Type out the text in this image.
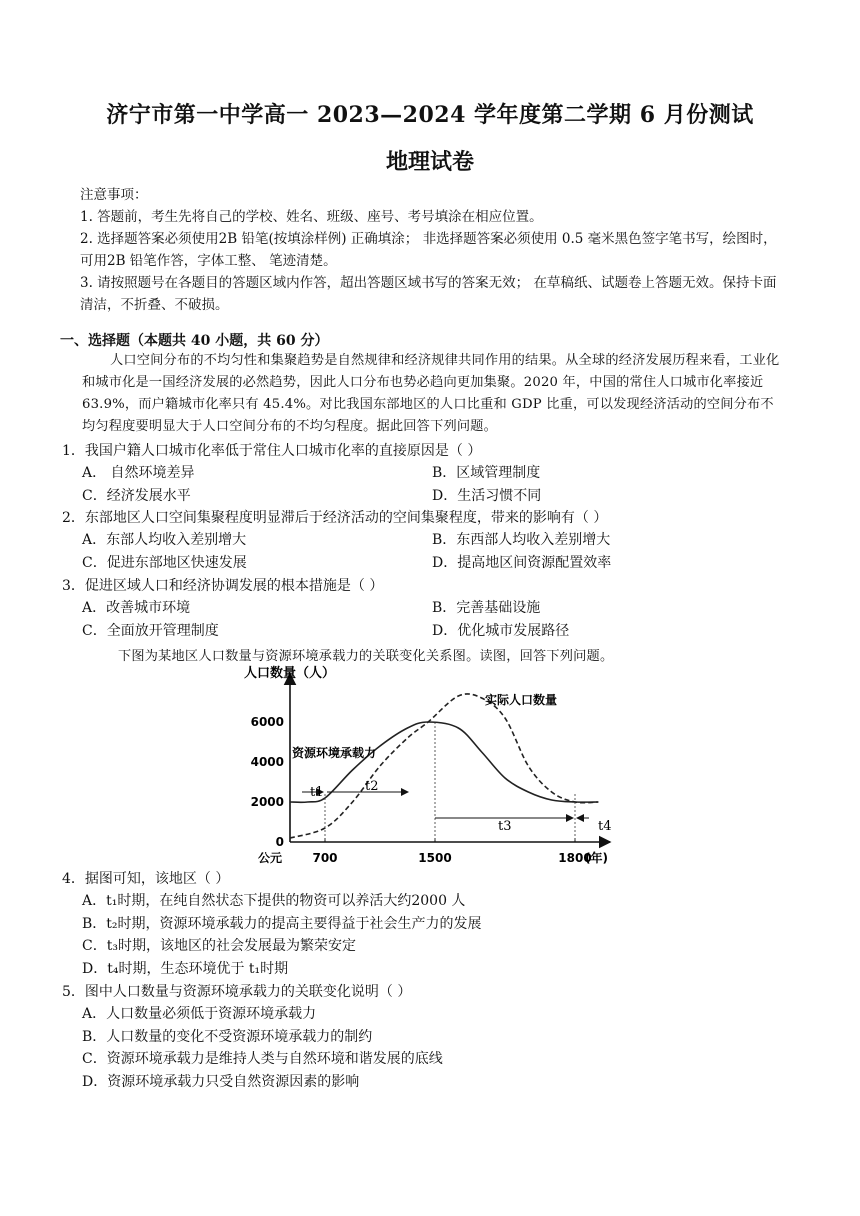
济宁市第一中学高一 2023—2024 学年度第二学期 6 月份测试
地理试卷

注意事项：

1. 答题前，考生先将自己的学校、姓名、班级、座号、考号填涂在相应位置。

2. 选择题答案必须使用2B 铅笔(按填涂样例) 正确填涂； 非选择题答案必须使用 0.5 毫米黑色签字笔书写，绘图时，可用2B 铅笔作答，字体工整、 笔迹清楚。

3. 请按照题号在各题目的答题区域内作答，超出答题区域书写的答案无效； 在草稿纸、试题卷上答题无效。保持卡面清洁，不折叠、不破损。

一、选择题（本题共 40 小题，共 60 分）
人口空间分布的不均匀性和集聚趋势是自然规律和经济规律共同作用的结果。从全球的经济发展历程来看，工业化和城市化是一国经济发展的必然趋势，因此人口分布也势必趋向更加集聚。2020 年，中国的常住人口城市化率接近 63.9%，而户籍城市化率只有 45.4%。对比我国东部地区的人口比重和 GDP 比重，可以发现经济活动的空间分布不均匀程度要明显大于人口空间分布的不均匀程度。据此回答下列问题。
1．我国户籍人口城市化率低于常住人口城市化率的直接原因是（ ）
A． 自然环境差异	B．区域管理制度
C．经济发展水平	D．生活习惯不同
2．东部地区人口空间集聚程度明显滞后于经济活动的空间集聚程度，带来的影响有（ ）
A．东部人均收入差别增大	B．东西部人均收入差别增大
C．促进东部地区快速发展	D．提高地区间资源配置效率
3．促进区域人口和经济协调发展的根本措施是（ ）
A．改善城市环境	B．完善基础设施
C．全面放开管理制度	D．优化城市发展路径
下图为某地区人口数量与资源环境承载力的关联变化关系图。读图，回答下列问题。
人口数量（人）
(年)
公元
0
2000
4000
6000
700	1500	1800
资源环境承载力
实际人口数量
t1	t2
t3	t4
4．据图可知，该地区（ ）
A．t₁时期，在纯自然状态下提供的物资可以养活大约2000 人
B．t₂时期，资源环境承载力的提高主要得益于社会生产力的发展
C．t₃时期，该地区的社会发展最为繁荣安定
D．t₄时期，生态环境优于 t₁时期
5．图中人口数量与资源环境承载力的关联变化说明（ ）
A．人口数量必须低于资源环境承载力
B．人口数量的变化不受资源环境承载力的制约
C．资源环境承载力是维持人类与自然环境和谐发展的底线
D．资源环境承载力只受自然资源因素的影响
